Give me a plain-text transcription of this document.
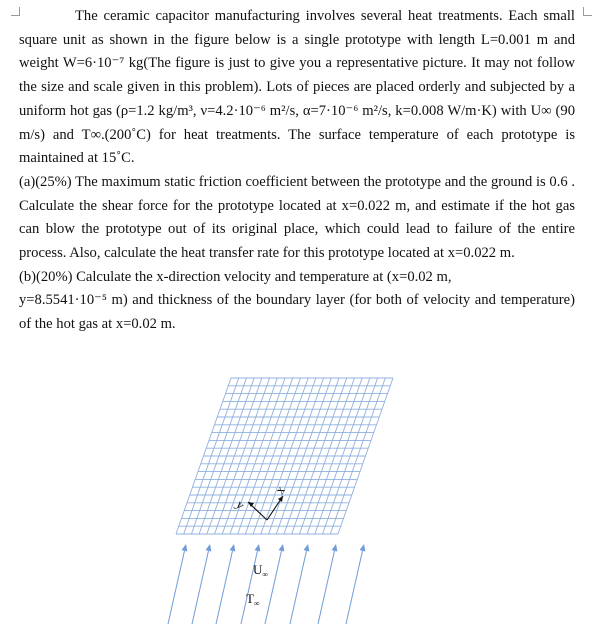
The ceramic capacitor manufacturing involves several heat treatments. Each small square unit as shown in the figure below is a single prototype with length L=0.001 m and weight W=6·10⁻⁷ kg(The figure is just to give you a representative picture. It may not follow the size and scale given in this problem). Lots of pieces are placed orderly and subjected by a uniform hot gas (ρ=1.2 kg/m³, ν=4.2·10⁻⁶ m²/s, α=7·10⁻⁶ m²/s, k=0.008 W/m·K) with U∞ (90 m/s) and T∞.(200˚C) for heat treatments. The surface temperature of each prototype is maintained at 15˚C.

(a)(25%) The maximum static friction coefficient between the prototype and the ground is 0.6 . Calculate the shear force for the prototype located at x=0.022 m, and estimate if the hot gas can blow the prototype out of its original place, which could lead to failure of the entire process. Also, calculate the heat transfer rate for this prototype located at x=0.022 m.

(b)(20%) Calculate the x-direction velocity and temperature at (x=0.02 m,

y=8.5541·10⁻⁵ m) and thickness of the boundary layer (for both of velocity and temperature) of the hot gas at x=0.02 m.

x
y
$U_\infty$
$T_\infty$
